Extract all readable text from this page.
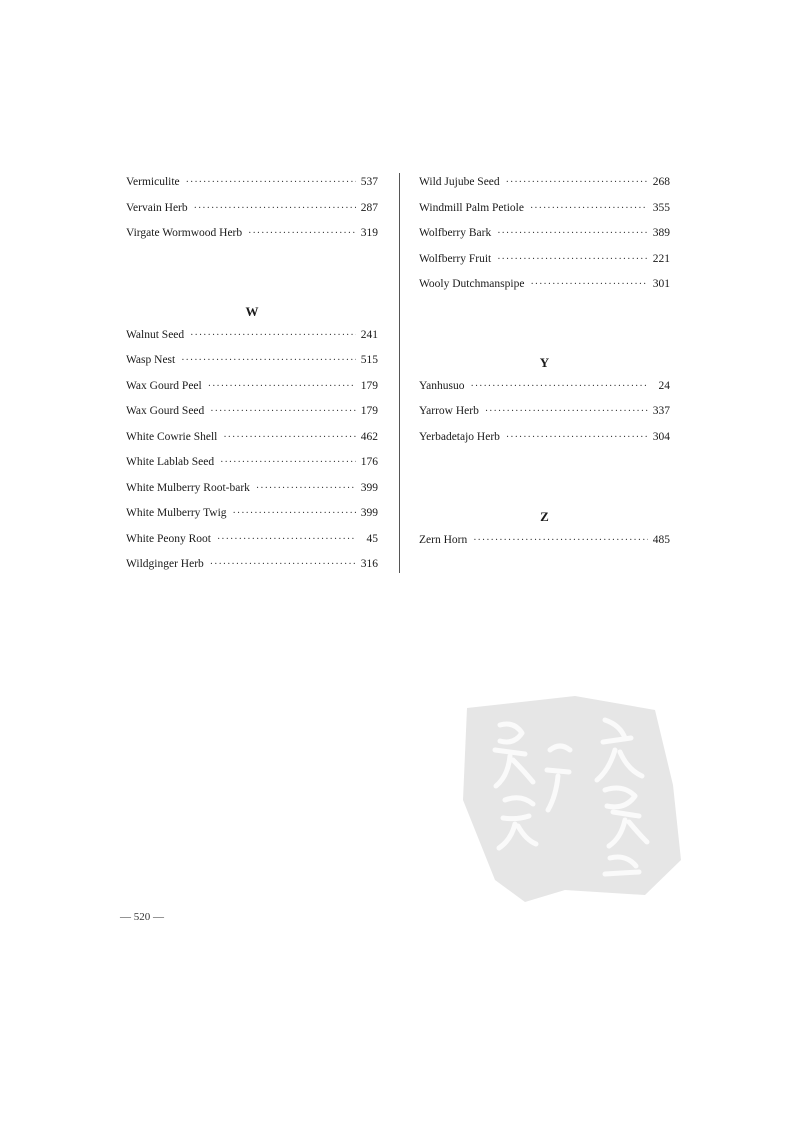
Vermiculite ·····	537
Vervain Herb ·····	287
Virgate Wormwood Herb ·····	319
W
Walnut Seed ·····	241
Wasp Nest ·····	515
Wax Gourd Peel ·····	179
Wax Gourd Seed ·····	179
White Cowrie Shell ·····	462
White Lablab Seed ·····	176
White Mulberry Root-bark ·····	399
White Mulberry Twig ·····	399
White Peony Root ·····	45
Wildginger Herb ·····	316
Wild Jujube Seed ·····	268
Windmill Palm Petiole ·····	355
Wolfberry Bark ·····	389
Wolfberry Fruit ·····	221
Wooly Dutchmanspipe ·····	301
Y
Yanhusuo ·····	24
Yarrow Herb ·····	337
Yerbadetajo Herb ·····	304
Z
Zern Horn ·····	485
— 520 —
